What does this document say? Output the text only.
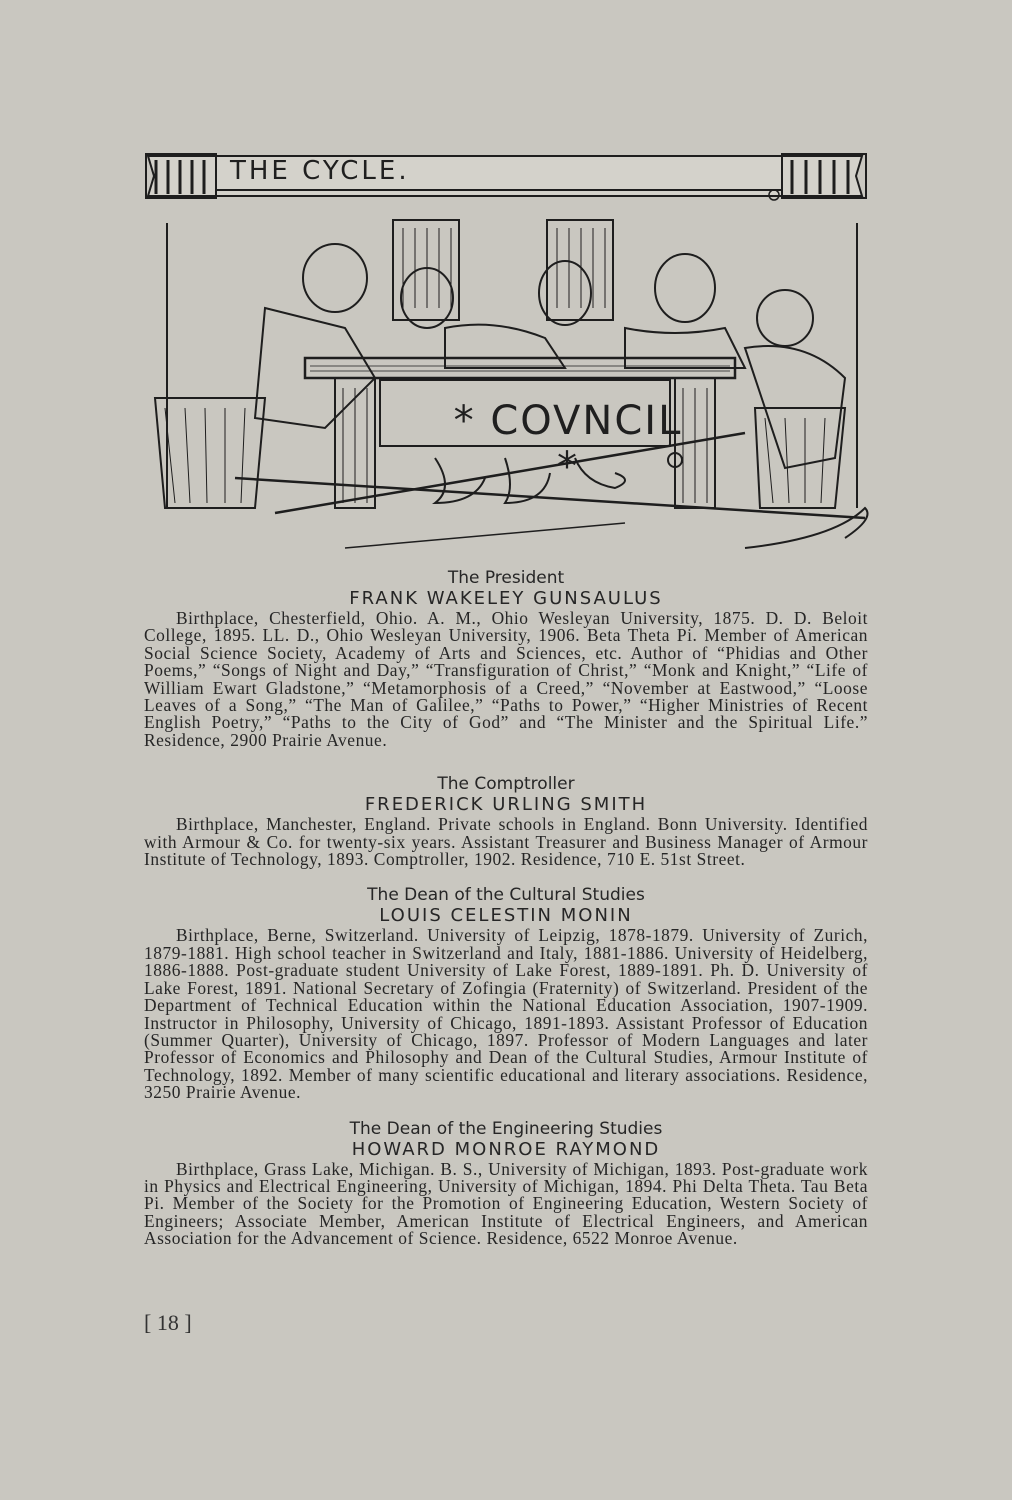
THE CYCLE.
* COVNCIL *
The President
FRANK WAKELEY GUNSAULUS

Birthplace, Chesterfield, Ohio. A. M., Ohio Wesleyan University, 1875. D. D. Beloit College, 1895. LL. D., Ohio Wesleyan University, 1906. Beta Theta Pi. Member of American Social Science Society, Academy of Arts and Sciences, etc. Author of “Phidias and Other Poems,” “Songs of Night and Day,” “Transfiguration of Christ,” “Monk and Knight,” “Life of William Ewart Gladstone,” “Metamorphosis of a Creed,” “November at Eastwood,” “Loose Leaves of a Song,” “The Man of Galilee,” “Paths to Power,” “Higher Ministries of Recent English Poetry,” “Paths to the City of God” and “The Minister and the Spiritual Life.” Residence, 2900 Prairie Avenue.

The Comptroller
FREDERICK URLING SMITH

Birthplace, Manchester, England. Private schools in England. Bonn University. Identified with Armour & Co. for twenty-six years. Assistant Treasurer and Business Manager of Armour Institute of Technology, 1893. Comptroller, 1902. Residence, 710 E. 51st Street.

The Dean of the Cultural Studies
LOUIS CELESTIN MONIN

Birthplace, Berne, Switzerland. University of Leipzig, 1878-1879. University of Zurich, 1879-1881. High school teacher in Switzerland and Italy, 1881-1886. University of Heidelberg, 1886-1888. Post-graduate student University of Lake Forest, 1889-1891. Ph. D. University of Lake Forest, 1891. National Secretary of Zofingia (Fraternity) of Switzerland. President of the Department of Technical Education within the National Education Association, 1907-1909. Instructor in Philosophy, University of Chicago, 1891-1893. Assistant Professor of Education (Summer Quarter), University of Chicago, 1897. Professor of Modern Languages and later Professor of Economics and Philosophy and Dean of the Cultural Studies, Armour Institute of Technology, 1892. Member of many scientific educational and literary associations. Residence, 3250 Prairie Avenue.

The Dean of the Engineering Studies
HOWARD MONROE RAYMOND

Birthplace, Grass Lake, Michigan. B. S., University of Michigan, 1893. Post-graduate work in Physics and Electrical Engineering, University of Michigan, 1894. Phi Delta Theta. Tau Beta Pi. Member of the Society for the Promotion of Engineering Education, Western Society of Engineers; Associate Member, American Institute of Electrical Engineers, and American Association for the Advancement of Science. Residence, 6522 Monroe Avenue.

[ 18 ]
